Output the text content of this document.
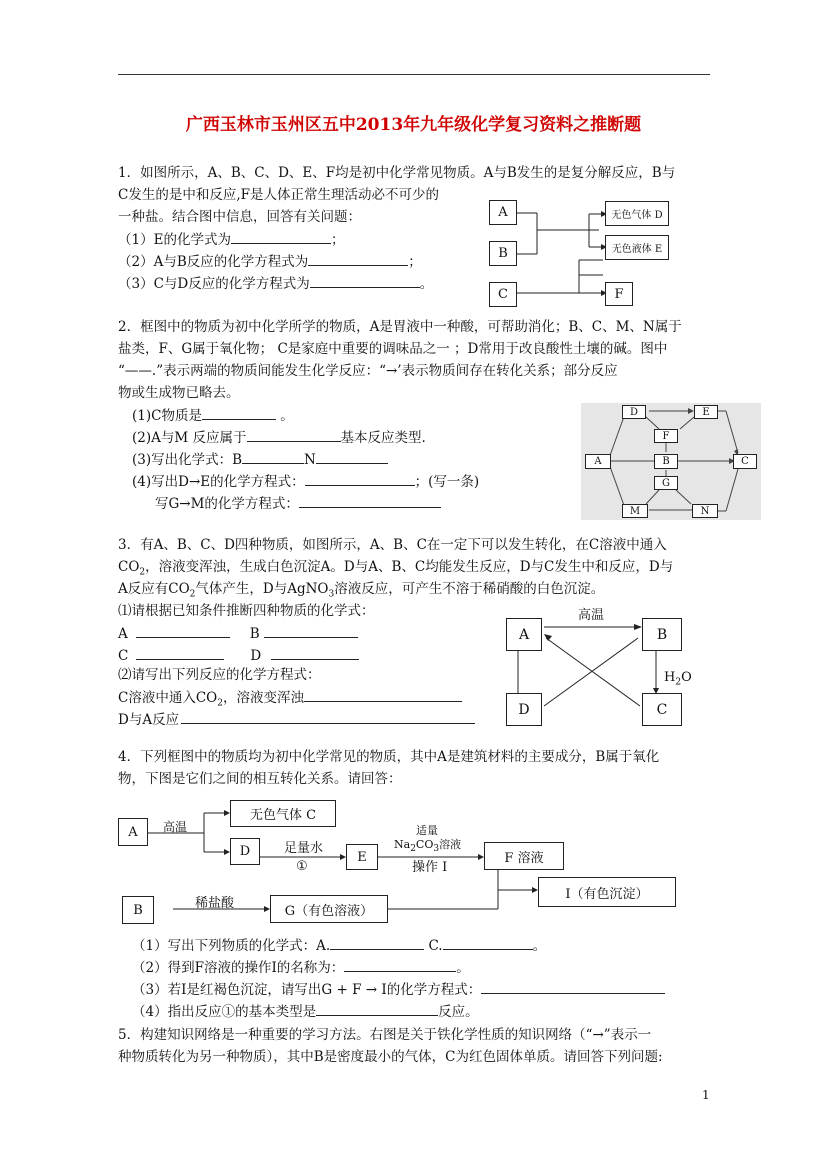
广西玉林市玉州区五中2013年九年级化学复习资料之推断题
1．如图所示，A、B、C、D、E、F均是初中化学常见物质。A与B发生的是复分解反应，B与
C发生的是中和反应,F是人体正常生理活动必不可少的
一种盐。结合图中信息，回答有关问题：
（1）E的化学式为	；
（2）A与B反应的化学方程式为	；
（3）C与D反应的化学方程式为	。
A
B
C
无色气体 D
无色液体 E
F
2．框图中的物质为初中化学所学的物质，A是胃液中一种酸，可帮助消化；B、C、M、N属于
盐类，F、G属于氧化物； C是家庭中重要的调味品之一 ；D常用于改良酸性土壤的碱。图中
“——.”表示两端的物质间能发生化学反应：“→’表示物质间存在转化关系；部分反应
物或生成物已略去。
(1)C物质是	。
(2)A与M 反应属于	基本反应类型.
(3)写出化学式：B	N
(4)写出D→E的化学方程式：	；(写一条)
写G→M的化学方程式：
D	E
F
A	B	C
G
M	N
3．有A、B、C、D四种物质，如图所示，A、B、C在一定下可以发生转化，在C溶液中通入
$CO_2$，溶液变浑浊，生成白色沉淀A。D与A、B、C均能发生反应，D与C发生中和反应，D与
A反应有$CO_2$气体产生，D与AgNO$_3$溶液反应，可产生不溶于稀硝酸的白色沉淀。
⑴请根据已知条件推断四种物质的化学式：
A	B
C	D
⑵请写出下列反应的化学方程式：
C溶液中通入$CO_2$，溶液变浑浊
D与A反应
A	B
D	C
高温
$H_2O$
4．下列框图中的物质均为初中化学常见的物质，其中A是建筑材料的主要成分，B属于氧化
物，下图是它们之间的相互转化关系。请回答：
A
无色气体 C
D	E	F 溶液
I（有色沉淀）
B	G（有色溶液）
高温
足量水
①
适量
$Na_2CO_3$溶液
操作 I
稀盐酸
（1）写出下列物质的化学式：A.	C.	。
（2）得到F溶液的操作I的名称为：	。
（3）若I是红褐色沉淀，请写出G + F → I的化学方程式：
（4）指出反应①的基本类型是	反应。
5．构建知识网络是一种重要的学习方法。右图是关于铁化学性质的知识网络（“→”表示一
种物质转化为另一种物质），其中B是密度最小的气体，C为红色固体单质。请回答下列问题:
1
